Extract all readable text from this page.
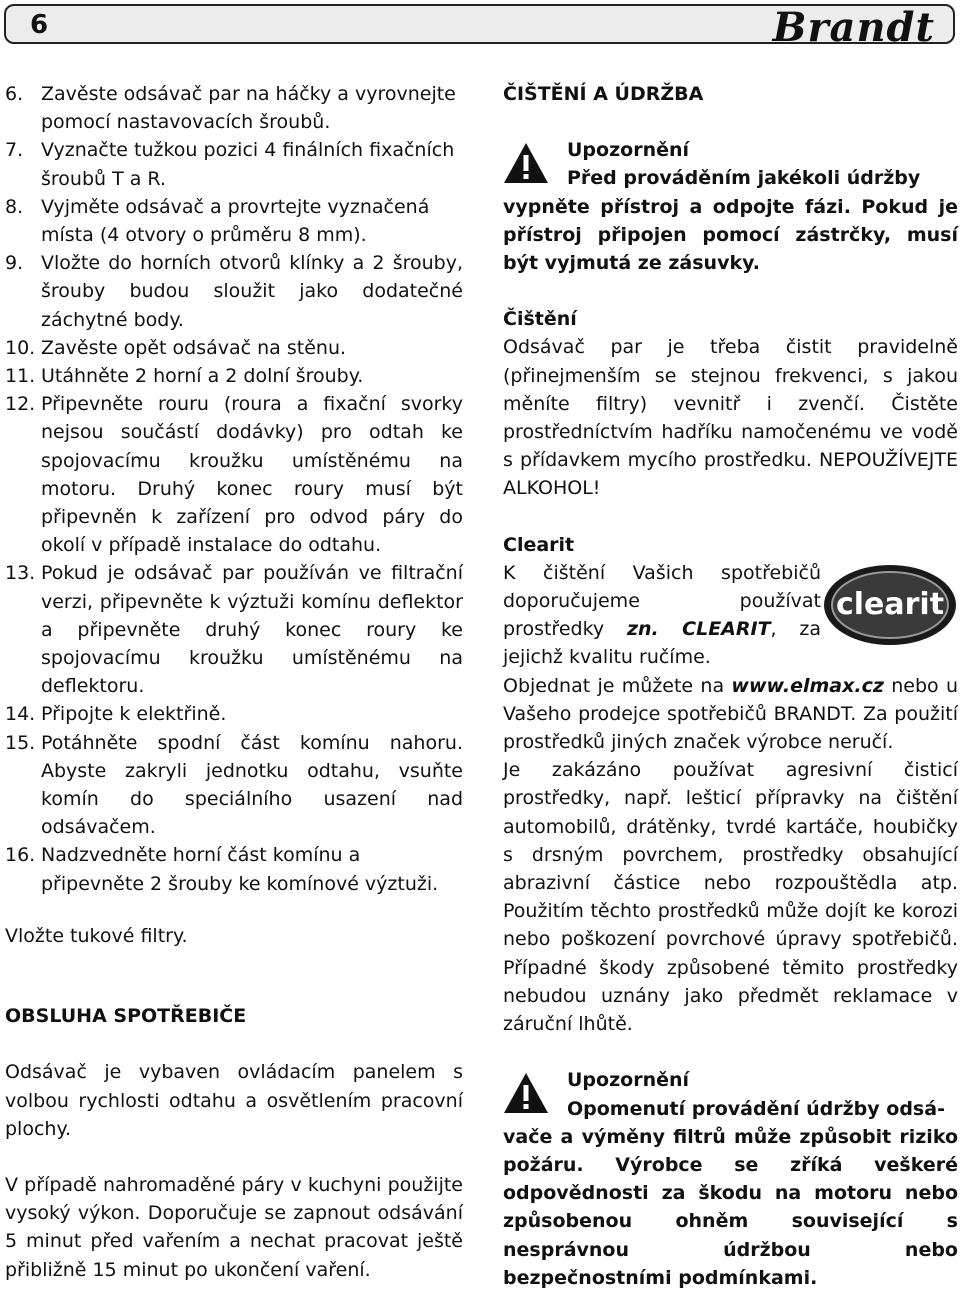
6	Brandt

6. Zavěste odsávač par na háčky a vyrovnejte pomocí nastavovacích šroubů.

7. Vyznačte tužkou pozici 4 finálních fixačních šroubů T a R.

8. Vyjměte odsávač a provrtejte vyznačená místa (4 otvory o průměru 8 mm).

9. Vložte do horních otvorů klínky a 2 šrouby, šrouby budou sloužit jako dodatečné záchytné body.

10. Zavěste opět odsávač na stěnu.

11. Utáhněte 2 horní a 2 dolní šrouby.

12. Připevněte rouru (roura a fixační svorky nejsou součástí dodávky) pro odtah ke spojovacímu kroužku umístěnému na motoru. Druhý konec roury musí být připevněn k zařízení pro odvod páry do okolí v případě instalace do odtahu.

13. Pokud je odsávač par používán ve filtrační verzi, připevněte k výztuži komínu deflektor a připevněte druhý konec roury ke spojovacímu kroužku umístěnému na deflektoru.

14. Připojte k elektřině.

15. Potáhněte spodní část komínu nahoru. Abyste zakryli jednotku odtahu, vsuňte komín do speciálního usazení nad odsávačem.

16. Nadzvedněte horní část komínu a připevněte 2 šrouby ke komínové výztuži.

Vložte tukové filtry.

OBSLUHA SPOTŘEBIČE

Odsávač je vybaven ovládacím panelem s volbou rychlosti odtahu a osvětlením pracovní plochy.

V případě nahromaděné páry v kuchyni použijte vysoký výkon. Doporučuje se zapnout odsávání 5 minut před vařením a nechat pracovat ještě přibližně 15 minut po ukončení vaření.

ČIŠTĚNÍ A ÚDRŽBA

Upozornění
Před prováděním jakékoli údržby

vypněte přístroj a odpojte fázi. Pokud je přístroj připojen pomocí zástrčky, musí být vyjmutá ze zásuvky.

Čištění

Odsávač par je třeba čistit pravidelně (přinejmenším se stejnou frekvenci, s jakou měníte filtry) vevnitř i zvenčí. Čistěte prostředníctvím hadříku namočenému ve vodě s přídavkem mycího prostředku. NEPOUŽÍVEJTE ALKOHOL!

Clearit

clearit

K čištění Vašich spotřebičů doporučujeme používat prostředky zn. CLEARIT, za jejichž kvalitu ručíme.

Objednat je můžete na www.elmax.cz nebo u Vašeho prodejce spotřebičů BRANDT. Za použití prostředků jiných značek výrobce neručí.

Je zakázáno používat agresivní čisticí prostředky, např. lešticí přípravky na čištění automobilů, drátěnky, tvrdé kartáče, houbičky s drsným povrchem, prostředky obsahující abrazivní částice nebo rozpouštědla atp. Použitím těchto prostředků může dojít ke korozi nebo poškození povrchové úpravy spotřebičů. Případné škody způsobené těmito prostředky nebudou uznány jako předmět reklamace v záruční lhůtě.

Upozornění
Opomenutí provádění údržby odsá-

vače a výměny filtrů může způsobit riziko požáru. Výrobce se zříká veškeré odpovědnosti za škodu na motoru nebo způsobenou ohněm související s nesprávnou údržbou nebo bezpečnostními podmínkami.
